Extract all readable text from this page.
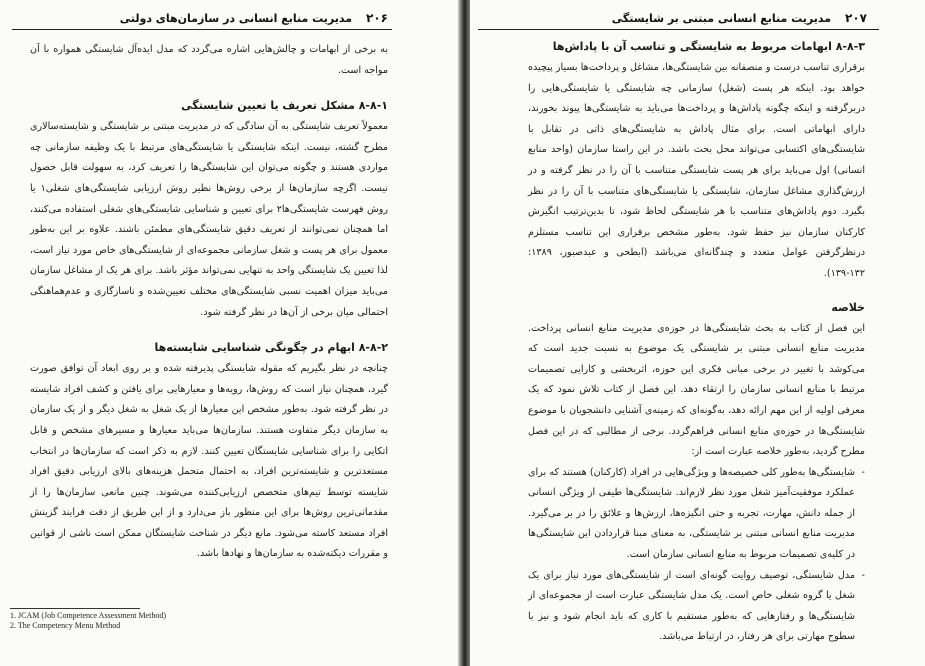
۲۰۶
مدیریت منابع انسانی در سازمان‌های دولتی

به برخی از ابهامات و چالش‌هایی اشاره می‌گردد که مدل ایده‌آل شایستگی همواره با آن مواجه است.

۸-۸-۱ مشکل تعریف یا تعیین شایستگی

معمولاً تعریف شایستگی به آن سادگی که در مدیریت مبتنی بر شایستگی و شایسته‌سالاری مطرح گشته، نیست. اینکه شایستگی یا شایستگی‌های مرتبط با یک وظیفه سازمانی چه مواردی هستند و چگونه می‌توان این شایستگی‌ها را تعریف کرد، به سهولت قابل حصول نیست. اگرچه سازمان‌ها از برخی روش‌ها نظیر روش ارزیابی شایستگی‌های شغلی۱ یا روش فهرست شایستگی‌ها۲ برای تعیین و شناسایی شایستگی‌های شغلی استفاده می‌کنند، اما همچنان نمی‌توانند از تعریف دقیق شایستگی‌های مطمئن باشند. علاوه بر این به‌طور معمول برای هر پست و شغل سازمانی مجموعه‌ای از شایستگی‌های خاص مورد نیاز است، لذا تعیین یک شایستگی واحد به تنهایی نمی‌تواند مؤثر باشد. برای هر یک از مشاغل سازمان می‌باید میزان اهمیت نسبی شایستگی‌های مختلف تعیین‌شده و ناسازگاری و عدم‌هماهنگی احتمالی میان برخی از آن‌ها در نظر گرفته شود.

۸-۸-۲ ابهام در چگونگی شناسایی شایسته‌ها

چنانچه در نظر بگیریم که مقوله شایستگی پذیرفته شده و بر روی ابعاد آن توافق صورت گیرد، همچنان نیاز است که روش‌ها، رویه‌ها و معیارهایی برای یافتن و کشف افراد شایسته در نظر گرفته شود. به‌طور مشخص این معیارها از یک شغل به شغل دیگر و از یک سازمان به سازمان دیگر متفاوت هستند. سازمان‌ها می‌باید معیارها و مسیرهای مشخص و قابل اتکایی را برای شناسایی شایستگان تعیین کنند. لازم به ذکر است که سازمان‌ها در انتخاب مستعدترین و شایسته‌ترین افراد، به احتمال متحمل هزینه‌های بالای ارزیابی دقیق افراد شایسته توسط تیم‌های متخصص ارزیابی‌کننده می‌شوند. چنین مانعی سازمان‌ها را از مقدماتی‌ترین روش‌ها برای این منظور باز می‌دارد و از این طریق از دقت فرایند گزینش افراد مستعد کاسته می‌شود. مانع دیگر در شناخت شایستگان ممکن است ناشی از قوانین و مقررات دیکته‌شده به سازمان‌ها و نهادها باشد.

1. JCAM (Job Competence Assessment Method)
2. The Competency Menu Method
۲۰۷
مدیریت منابع انسانی مبتنی بر شایستگی
۸-۸-۳ ابهامات مربوط به شایستگی و تناسب آن با پاداش‌ها

برقراری تناسب درست و منصفانه بین شایستگی‌ها، مشاغل و پرداخت‌ها بسیار پیچیده خواهد بود. اینکه هر پست (شغل) سازمانی چه شایستگی یا شایستگی‌هایی را دربرگرفته و اینکه چگونه پاداش‌ها و پرداخت‌ها می‌باید به شایستگی‌ها پیوند بخورند، دارای ابهاماتی است. برای مثال پاداش به شایستگی‌های ذاتی در تقابل با شایستگی‌های اکتسابی می‌تواند محل بحث باشد. در این راستا سازمان (واحد منابع انسانی) اول می‌باید برای هر پست شایستگی متناسب با آن را در نظر گرفته و در ارزش‌گذاری مشاغل سازمان، شایستگی یا شایستگی‌های متناسب با آن را در نظر بگیرد. دوم پاداش‌های متناسب با هر شایستگی لحاظ شود، تا بدین‌ترتیب انگیزش کارکنان سازمان نیز حفظ شود. به‌طور مشخص برقراری این تناسب مستلزم درنظرگرفتن عوامل متعدد و چندگانه‌ای می‌باشد (ابطحی و عبدصبور، ۱۳۸۹: ۱۳۲-۱۳۹).

خلاصه

این فصل از کتاب به بحث شایستگی‌ها در حوزه‌ی مدیریت منابع انسانی پرداخت. مدیریت منابع انسانی مبتنی بر شایستگی یک موضوع به نسبت جدید است که می‌کوشد با تغییر در برخی مبانی فکری این حوزه، اثربخشی و کارایی تصمیمات مرتبط با منابع انسانی سازمان را ارتقاء دهد. این فصل از کتاب تلاش نمود که یک معرفی اولیه از این مهم ارائه دهد، به‌گونه‌ای که زمینه‌ی آشنایی دانشجویان با موضوع شایستگی‌ها در حوزه‌ی منابع انسانی فراهم‌گردد. برخی از مطالبی که در این فصل مطرح گردید، به‌طور خلاصه عبارت است از:

- شایستگی‌ها به‌طور کلی خصیصه‌ها و ویژگی‌هایی در افراد (کارکنان) هستند که برای عملکرد موفقیت‌آمیز شغل مورد نظر لازم‌اند. شایستگی‌ها طیفی از ویژگی انسانی از جمله دانش، مهارت، تجربه و حتی انگیزه‌ها، ارزش‌ها و علائق را در بر می‌گیرد. مدیریت منابع انسانی مبتنی بر شایستگی، به معنای مبنا قراردادن این شایستگی‌ها در کلیه‌ی تصمیمات مربوط به منابع انسانی سازمان است.
- مدل شایستگی، توصیف روایت گونه‌ای است از شایستگی‌های مورد نیاز برای یک شغل یا گروه شغلی خاص است. یک مدل شایستگی عبارت است از مجموعه‌ای از شایستگی‌ها و رفتارهایی که به‌طور مستقیم با کاری که باید انجام شود و نیز با سطوح مهارتی برای هر رفتار، در ارتباط می‌باشد.
